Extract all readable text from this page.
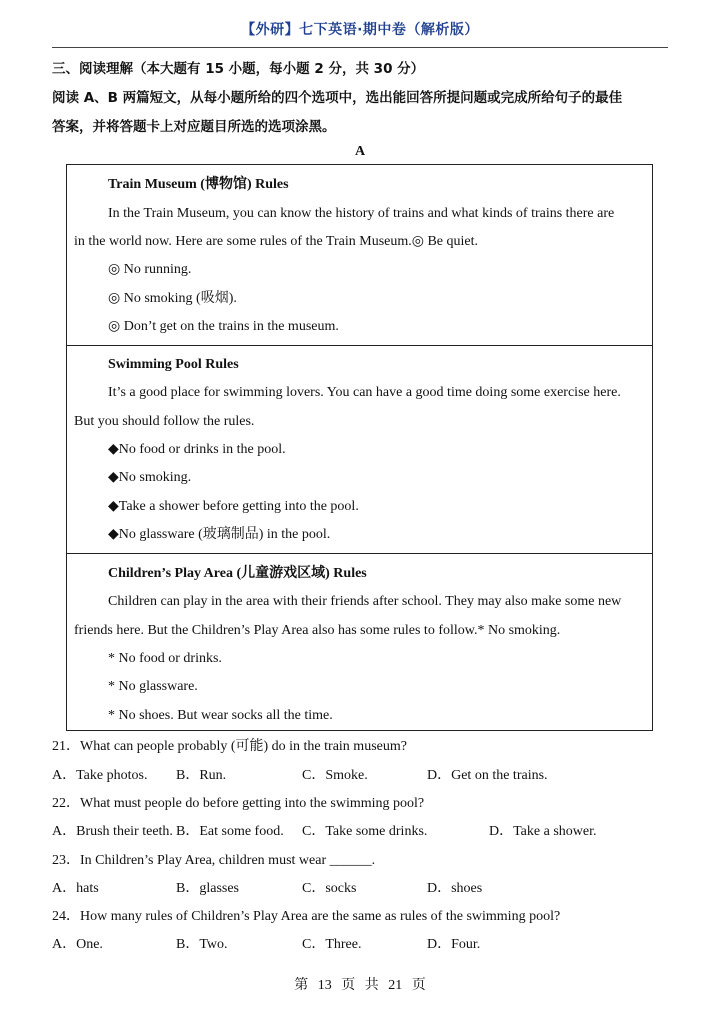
【外研】七下英语·期中卷（解析版）
三、阅读理解（本大题有 15 小题，每小题 2 分，共 30 分）
阅读 A、B 两篇短文，从每小题所给的四个选项中，选出能回答所提问题或完成所给句子的最佳
答案，并将答题卡上对应题目所选的选项涂黑。
A
Train Museum (博物馆) Rules
In the Train Museum, you can know the history of trains and what kinds of trains there are
in the world now. Here are some rules of the Train Museum.◎ Be quiet.
◎ No running.
◎ No smoking (吸烟).
◎ Don’t get on the trains in the museum.
Swimming Pool Rules
It’s a good place for swimming lovers. You can have a good time doing some exercise here.
But you should follow the rules.
◆No food or drinks in the pool.
◆No smoking.
◆Take a shower before getting into the pool.
◆No glassware (玻璃制品) in the pool.
Children’s Play Area (儿童游戏区域) Rules
Children can play in the area with their friends after school. They may also make some new
friends here. But the Children’s Play Area also has some rules to follow.* No smoking.
* No food or drinks.
* No glassware.
* No shoes. But wear socks all the time.
21．What can people probably (可能) do in the train museum?
A．Take photos. B．Run.	C．Smoke.	D．Get on the trains.
22．What must people do before getting into the swimming pool?
A．Brush their teeth. B．Eat some food. C．Take some drinks.	D．Take a shower.
23．In Children’s Play Area, children must wear ______.
A．hats	B．glasses	C．socks	D．shoes
24．How many rules of Children’s Play Area are the same as rules of the swimming pool?
A．One.	B．Two.	C．Three.	D．Four.
第 13 页 共 21 页
